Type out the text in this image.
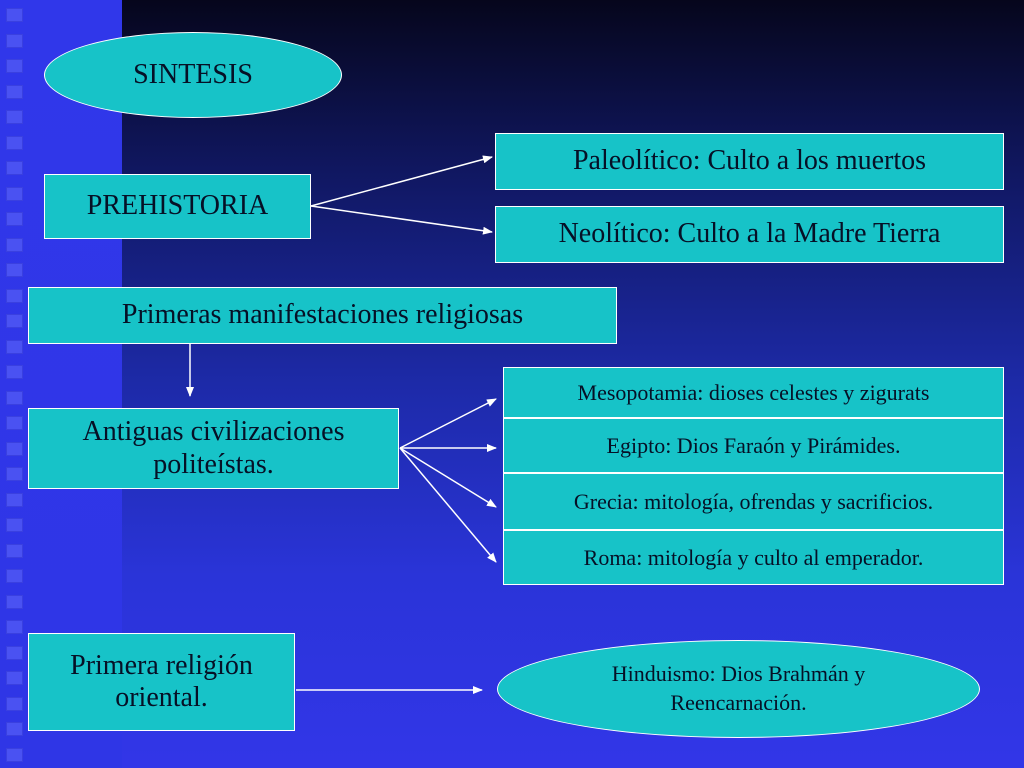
SINTESIS
PREHISTORIA
Paleolítico: Culto a los muertos
Neolítico: Culto a la Madre Tierra
Primeras manifestaciones religiosas
Antiguas civilizaciones
politeístas.
Mesopotamia: dioses celestes y zigurats
Egipto: Dios Faraón y Pirámides.
Grecia: mitología, ofrendas y sacrificios.
Roma: mitología y culto al emperador.
Primera religión
oriental.
Hinduismo: Dios Brahmán y
Reencarnación.
